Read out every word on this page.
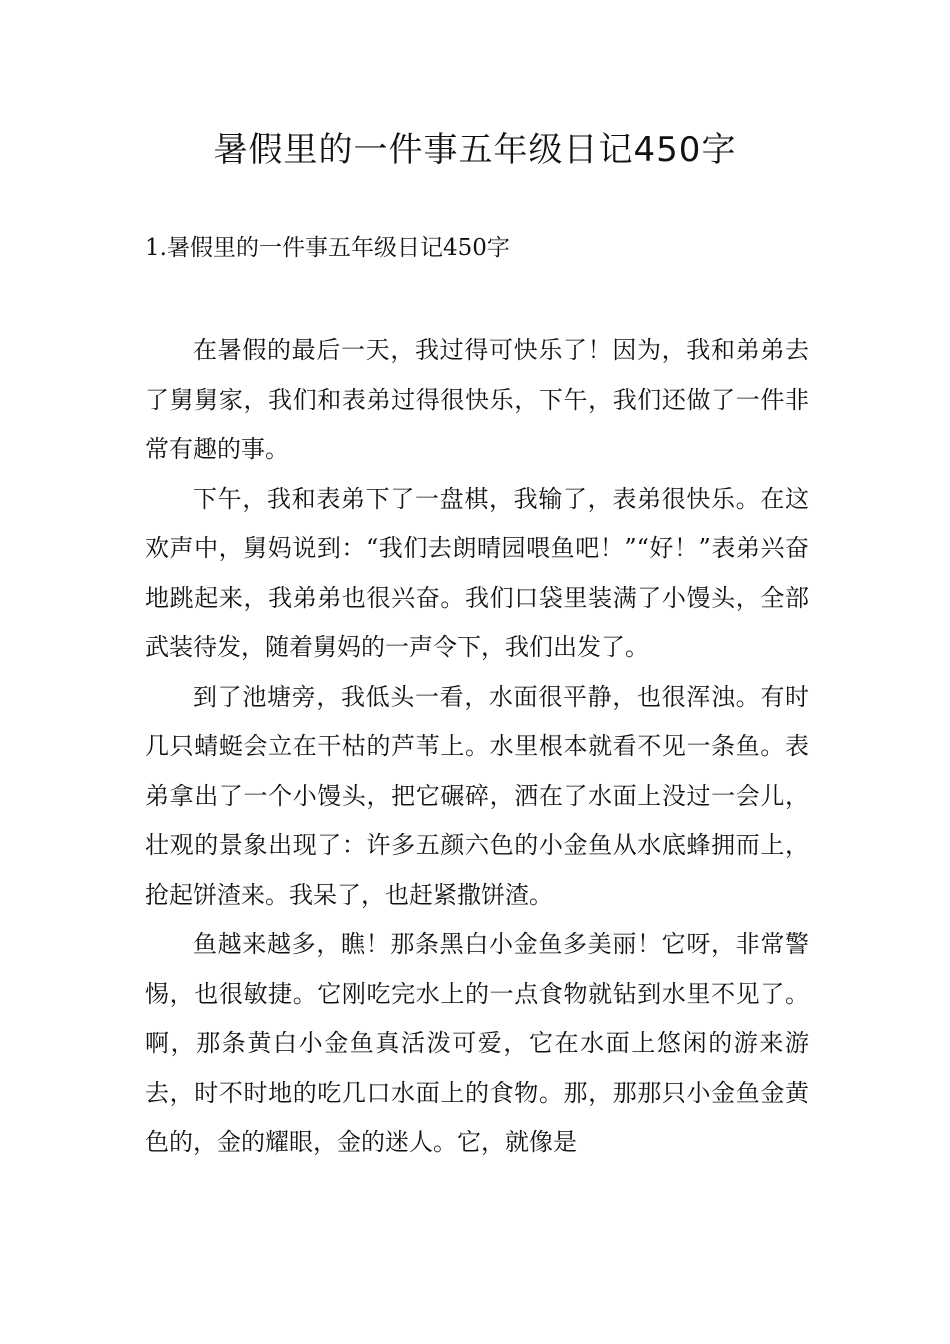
暑假里的一件事五年级日记450字
1.暑假里的一件事五年级日记450字

在暑假的最后一天，我过得可快乐了！因为，我和弟弟去了舅舅家，我们和表弟过得很快乐，下午，我们还做了一件非常有趣的事。

下午，我和表弟下了一盘棋，我输了，表弟很快乐。在这欢声中，舅妈说到：“我们去朗晴园喂鱼吧！”“好！”表弟兴奋地跳起来，我弟弟也很兴奋。我们口袋里装满了小馒头，全部武装待发，随着舅妈的一声令下，我们出发了。

到了池塘旁，我低头一看，水面很平静，也很浑浊。有时几只蜻蜓会立在干枯的芦苇上。水里根本就看不见一条鱼。表弟拿出了一个小馒头，把它碾碎，洒在了水面上没过一会儿，壮观的景象出现了：许多五颜六色的小金鱼从水底蜂拥而上，抢起饼渣来。我呆了，也赶紧撒饼渣。

鱼越来越多，瞧！那条黑白小金鱼多美丽！它呀，非常警惕，也很敏捷。它刚吃完水上的一点食物就钻到水里不见了。啊，那条黄白小金鱼真活泼可爱，它在水面上悠闲的游来游去，时不时地的吃几口水面上的食物。那，那那只小金鱼金黄色的，金的耀眼，金的迷人。它，就像是
